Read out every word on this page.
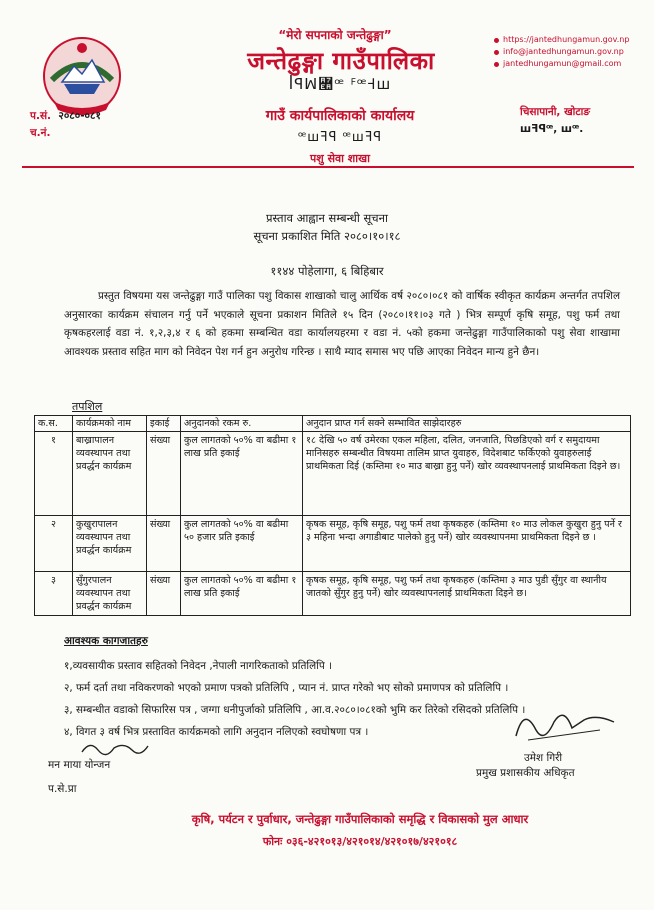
“मेरो सपनाको जन्तेढुङ्गा”
जन्तेढुङ्गा गाउँपालिका
ꟾꟼꟽ꟪ꟹ ꟳꟹꟵꟺ
गाउँ कार्यपालिकाको कार्यालय
ꟹꟺꟻꟼ ꟹꟺꟻꟼ
पशु सेवा शाखा
https://jantedhungamun.gov.np
info@jantedhungamun.gov.np
jantedhungamun@gmail.com
प.सं. २०८०-०८१
च.नं.
चिसापानी, खोटाङ
ꟺꟻꟼꟹ, ꟺꟹ.
प्रस्ताव आह्वान सम्बन्धी सूचना
सूचना प्रकाशित मिति २०८०।१०।१८
११४४ पोहेलागा, ६ बिहिबार
प्रस्तुत विषयमा यस जन्तेढुङ्गा गाउँ पालिका पशु विकास शाखाको चालु आर्थिक वर्ष २०८०।०८१ को वार्षिक स्वीकृत कार्यक्रम अन्तर्गत तपशिल अनुसारका कार्यक्रम संचालन गर्नु पर्ने भएकाले सूचना प्रकाशन मितिले १५ दिन (२०८०।११।०३ गते ) भित्र सम्पूर्ण कृषि समूह, पशु फर्म तथा कृषकहरलाई वडा नं. १,२,३,४ र ६ को हकमा सम्बन्धित वडा कार्यालयहरमा र वडा नं. ५को हकमा जन्तेढुङ्गा गाउँपालिकाको पशु सेवा शाखामा आवश्यक प्रस्ताव सहित माग को निवेदन पेश गर्न हुन अनुरोध गरिन्छ । साथै म्याद समास भए पछि आएका निवेदन मान्य हुने छैन।
तपशिल
क.स.	कार्यक्रमको नाम	इकाई	अनुदानको रकम रु.	अनुदान प्राप्त गर्न सक्ने सम्भावित साझेदारहरु
१	बाख्रापालन व्यवस्थापन तथा प्रवर्द्धन कार्यक्रम	संख्या	कुल लागतको ५०% वा बढीमा १ लाख प्रति इकाई	१८ देखि ५० वर्ष उमेरका एकल महिला, दलित, जनजाति, पिछडिएको वर्ग र समुदायमा मानिसहरु सम्बन्धीत विषयमा तालिम प्राप्त युवाहरु, विदेशबाट फर्किएको युवाहरुलाई प्राथमिकता दिई (कम्तिमा १० माउ बाख्रा हुनु पर्ने) खोर व्यवस्थापनलाई प्राथमिकता दिइने छ।
२	कुखुरापालन व्यवस्थापन तथा प्रवर्द्धन कार्यक्रम	संख्या	कुल लागतको ५०% वा बढीमा ५० हजार प्रति इकाई	कृषक समूह, कृषि समूह, पशु फर्म तथा कृषकहरु (कम्तिमा १० माउ लोकल कुखुरा हुनु पर्ने र ३ महिना भन्दा अगाडीबाट पालेको हुनु पर्ने) खोर व्यवस्थापनमा प्राथमिकता दिइने छ ।
३	सुँगुरपालन व्यवस्थापन तथा प्रवर्द्धन कार्यक्रम	संख्या	कुल लागतको ५०% वा बढीमा १ लाख प्रति इकाई	कृषक समूह, कृषि समूह, पशु फर्म तथा कृषकहरु (कम्तिमा ३ माउ पुडी सुँगुर वा स्थानीय जातको सुँगुर हुनु पर्ने) खोर व्यवस्थापनलाई प्राथमिकता दिइने छ।
आवश्यक कागजातहरु
१,व्यवसायीक प्रस्ताव सहितको निवेदन ,नेपाली नागरिकताको प्रतिलिपि ।
२, फर्म दर्ता तथा नविकरणको भएको प्रमाण पत्रको प्रतिलिपि , प्यान नं. प्राप्त गरेको भए सोको प्रमाणपत्र को प्रतिलिपि ।
३, सम्बन्धीत वडाको सिफारिस पत्र , जग्गा धनीपुर्जाको प्रतिलिपि , आ.व.२०८०।०८१को भुमि कर तिरेको रसिदको प्रतिलिपि ।
४, विगत ३ वर्ष भित्र प्रस्तावित कार्यक्रमको लागि अनुदान नलिएको स्वघोषणा पत्र ।
मन माया योन्जन
प.से.प्रा
उमेश गिरी
प्रमुख प्रशासकीय अधिकृत
कृषि, पर्यटन र पुर्वाधार, जन्तेढुङ्गा गाउँपालिकाको समृद्धि र विकासको मुल आधार
फोनः ०३६-४२१०१३/४२१०१४/४२१०१७/४२१०१८
